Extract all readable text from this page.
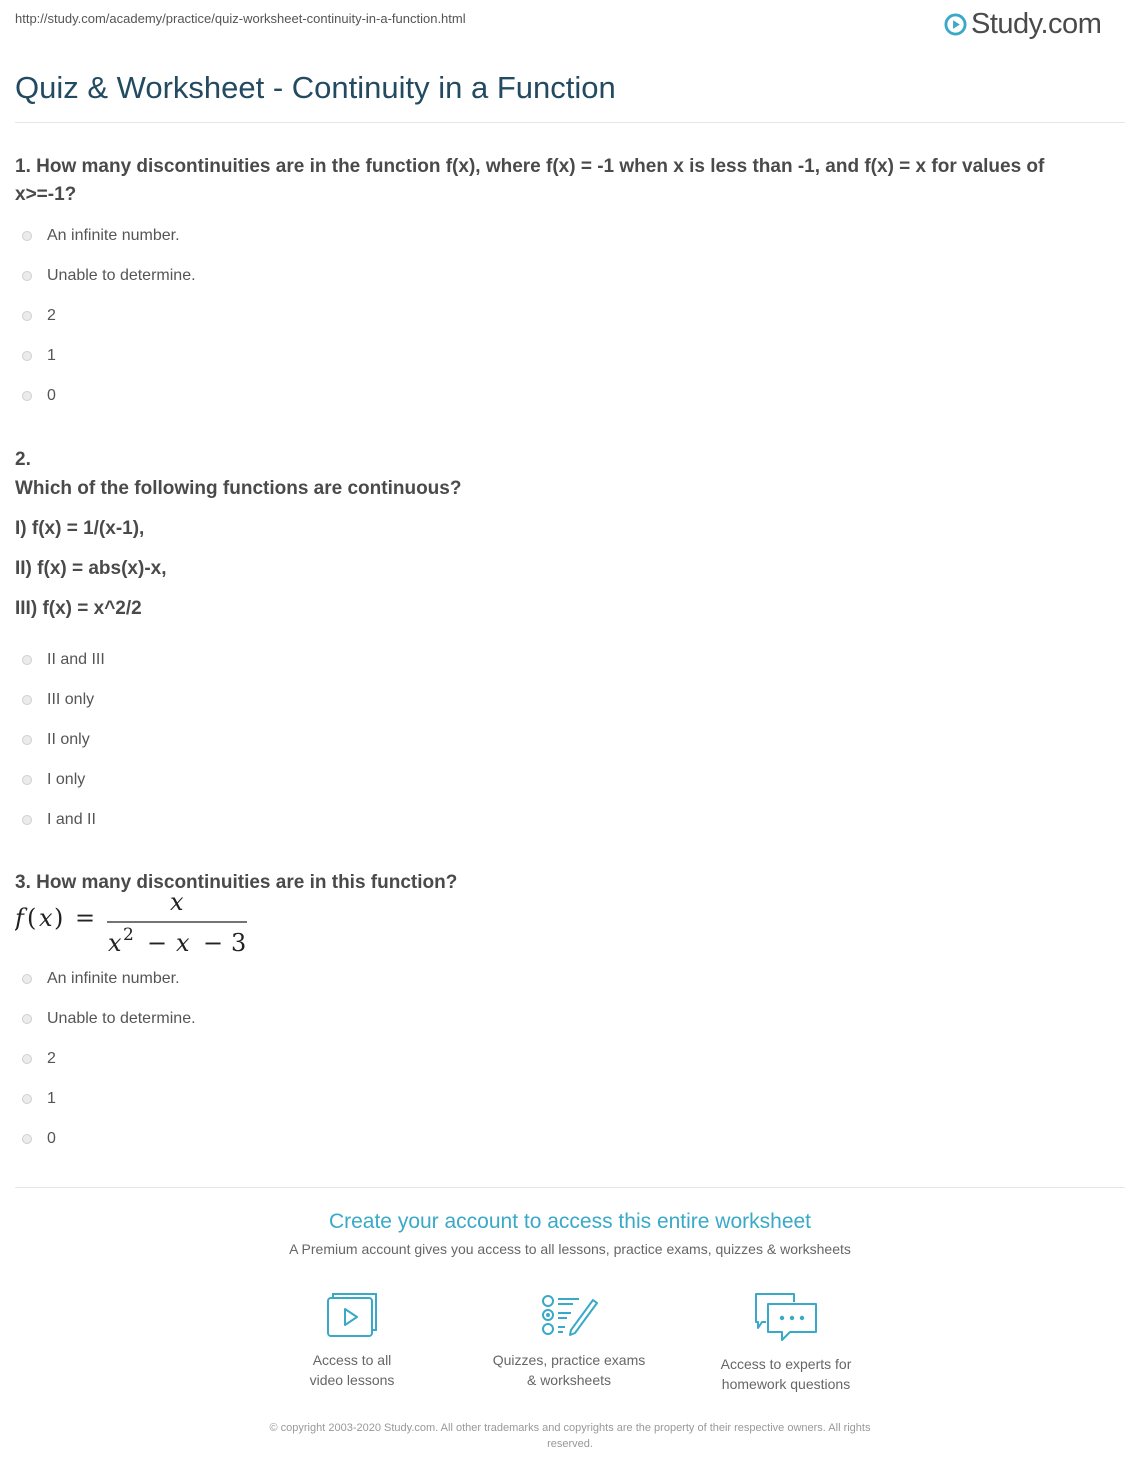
http://study.com/academy/practice/quiz-worksheet-continuity-in-a-function.html	Study.com
Quiz & Worksheet - Continuity in a Function
1. How many discontinuities are in the function f(x), where f(x) = -1 when x is less than -1, and f(x) = x for values of
x>=-1?
An infinite number.
Unable to determine.
2
1
0
2.
Which of the following functions are continuous?
I) f(x) = 1/(x-1),
II) f(x) = abs(x)-x,
III) f(x) = x^2/2
II and III
III only
II only
I only
I and II
3. How many discontinuities are in this function?
f ( x ) =
x
x 2 − x − 3
An infinite number.
Unable to determine.
2
1
0
Create your account to access this entire worksheet
A Premium account gives you access to all lessons, practice exams, quizzes & worksheets
Access to all
video lessons
Quizzes, practice exams
& worksheets
Access to experts for
homework questions
© copyright 2003-2020 Study.com. All other trademarks and copyrights are the property of their respective owners. All rights
reserved.
